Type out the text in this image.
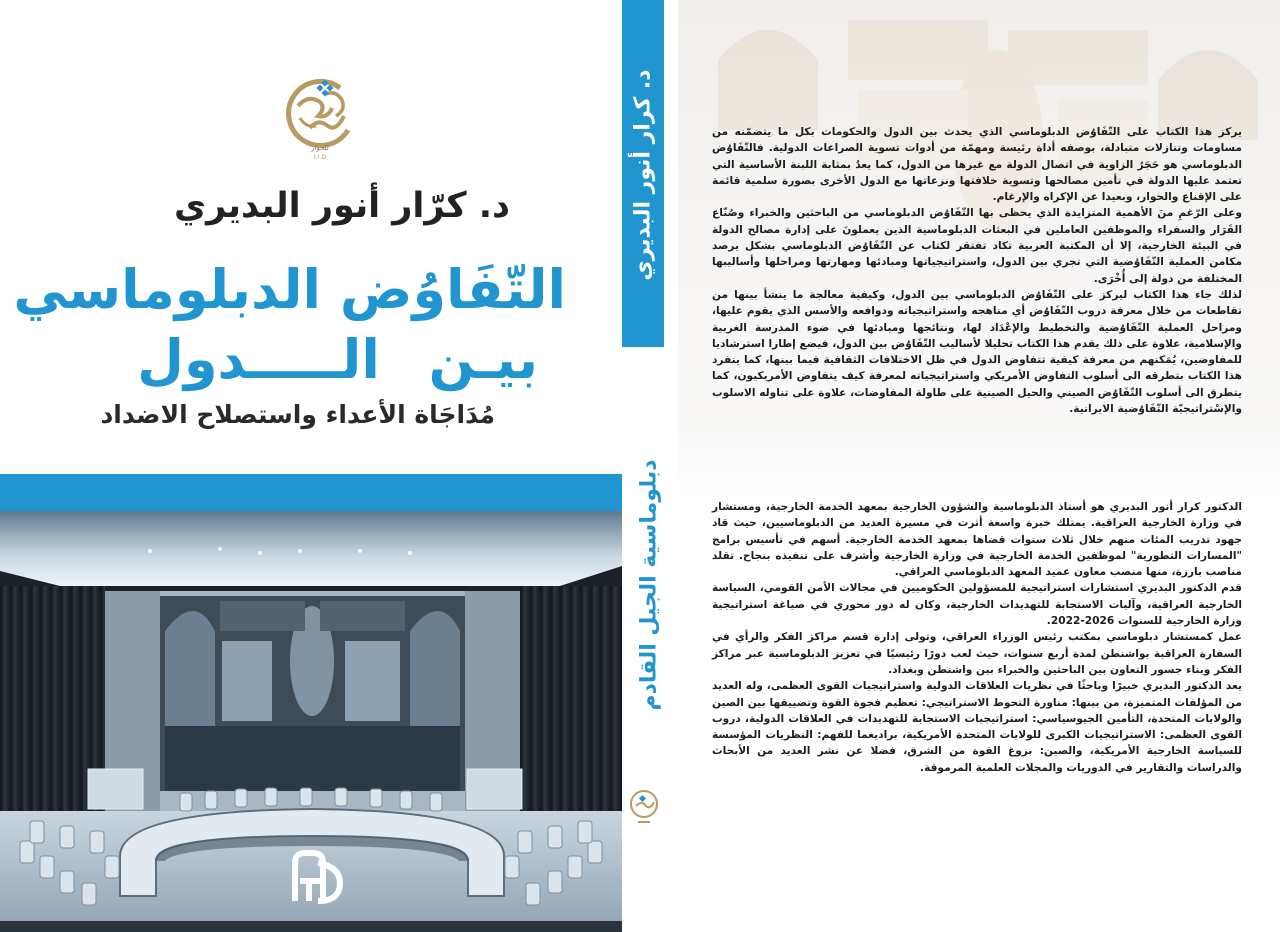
للحوار
I.I.D
د. كرّار أنور البديري
التّفَاوُض الدبلوماسي
بيـن الـــــدول
مُدَاجَاة الأعداء واستصلاح الاضداد
د. كرار أنور البديري
دبلوماسية الجيل القادم

يركز هذا الكتاب على التّفَاوُض الدبلوماسي الذي يحدث بين الدول والحكومات بكل ما يتضمّنه من مساومات وتنازلات متبادلة، بوصفه أداة رئيسة ومهمّة من أدوات تسوية الصراعات الدولية. فالتّفَاوُض الدبلوماسي هو حَجَرُ الزاوية في اتصال الدولة مع غيرها من الدول، كما يعدُ بمثابة اللبنة الأساسية التي تعتمد عليها الدولة في تأمين مصالحها وتسوية خلافتها ونزعاتها مع الدول الأخرى بصورة سلمية قائمة على الإقناع والحوار، وبعيدا عن الإكراه والإرغام.

وعلى الرّغمِ منَ الأهمية المتزايدة الذي يحظى بها التّفَاوُض الدبلوماسي من الباحثين والخبراء وصُنّاع القَرَار والسفراء والموظفين العاملين في البعثات الدبلوماسية الذين يعملونَ على إدارة مصالح الدولة في البيئة الخارجية، إلا أن المكتبة العربية تكاد تفتقر لكتاب عن التّفَاوُض الدبلوماسي بشكل يرصد مكامن العملية التّفَاوُضية التي تجري بين الدول، واستراتيجياتها ومبادئها ومهارتها ومراحلها وأساليبها المختلفة من دولة إلى أُخْرَى.

لذلك جاء هذا الكتاب ليركز على التّفَاوُض الدبلوماسي بين الدول، وكيفية معالجة ما ينشأ بينها من تقاطعات من خلال معرفة دروب التّفَاوُض أي مناهجه واستراتيجياته ودوافعه والأسس الذي يقوم عليها، ومراحل العملية التّفَاوُضية والتخطيط والإعْدَاد لها، ونتائجها ومبادئها في ضوء المدرسة الغربية والإسلامية، علاوة على ذلك يقدم هذا الكتاب تحليلا لأساليب التّفَاوُض بين الدول، فيضع إطارا استرشاديا للمفاوضين، يُمَكنهم من معرفة كيفية تتفاوض الدول في ظل الاختلافات الثقافية فيما بينها، كما ينفرد هذا الكتاب بتطرقه الى أسلوب التفاوض الأمريكي واستراتيجياته لمعرفة كيف يتفاوض الأمريكيون، كما يتطرق الى أسلوب التّفَاوُض الصيني والحيل الصينية على طاولة المفاوضات، علاوة على تناوله الاسلوب والإسْتراتيجيّة التّفَاوُضية الايرانية.

الدكتور كرار أنور البديري هو أستاذ الدبلوماسية والشؤون الخارجية بمعهد الخدمة الخارجية، ومستشار في وزارة الخارجية العراقية. يمتلك خبرة واسعة أثرت في مسيرة العديد من الدبلوماسيين، حيث قاد جهود تدريب المئات منهم خلال ثلاث سنوات قضاها بمعهد الخدمة الخارجية. أسهم في تأسيس برامج "المسارات التطورية" لموظفين الخدمة الخارجية في وزارة الخارجية وأشرف على تنفيذه بنجاح. تقلد مناصب بارزة، منها منصب معاون عميد المعهد الدبلوماسي العراقي.

قدم الدكتور البديري استشارات استراتيجية للمسؤولين الحكوميين في مجالات الأمن القومي، السياسة الخارجية العراقية، وآليات الاستجابة للتهديدات الخارجية، وكان له دور محوري في صياغة استراتيجية وزارة الخارجية للسنوات 2026-2022.

عمل كمستشار دبلوماسي بمكتب رئيس الوزراء العراقي، وتولى إدارة قسم مراكز الفكر والرأي في السفارة العراقية بواشنطن لمدة أربع سنوات، حيث لعب دورًا رئيسيًا في تعزيز الدبلوماسية عبر مراكز الفكر وبناء جسور التعاون بين الباحثين والخبراء بين واشنطن وبغداد.

يعد الدكتور البديري خبيرًا وباحثًا في نظريات العلاقات الدولية واستراتيجيات القوى العظمى، وله العديد من المؤلفات المتميزة، من بينها: مناورة التحوط الاستراتيجي: تعظيم فجوة القوة وتضييقها بين الصين والولايات المتحدة، التأمين الجيوسياسي: استراتيجيات الاستجابة للتهديدات في العلاقات الدولية، دروب القوى العظمى: الاستراتيجيات الكبرى للولايات المتحدة الأمريكية، براديغما للفهم: النظريات المؤسسة للسياسة الخارجية الأمريكية، والصين: بزوغ القوة من الشرق، فضلا عن نشر العديد من الأبحاث والدراسات والتقارير في الدوريات والمجلات العلمية المرموقة.
